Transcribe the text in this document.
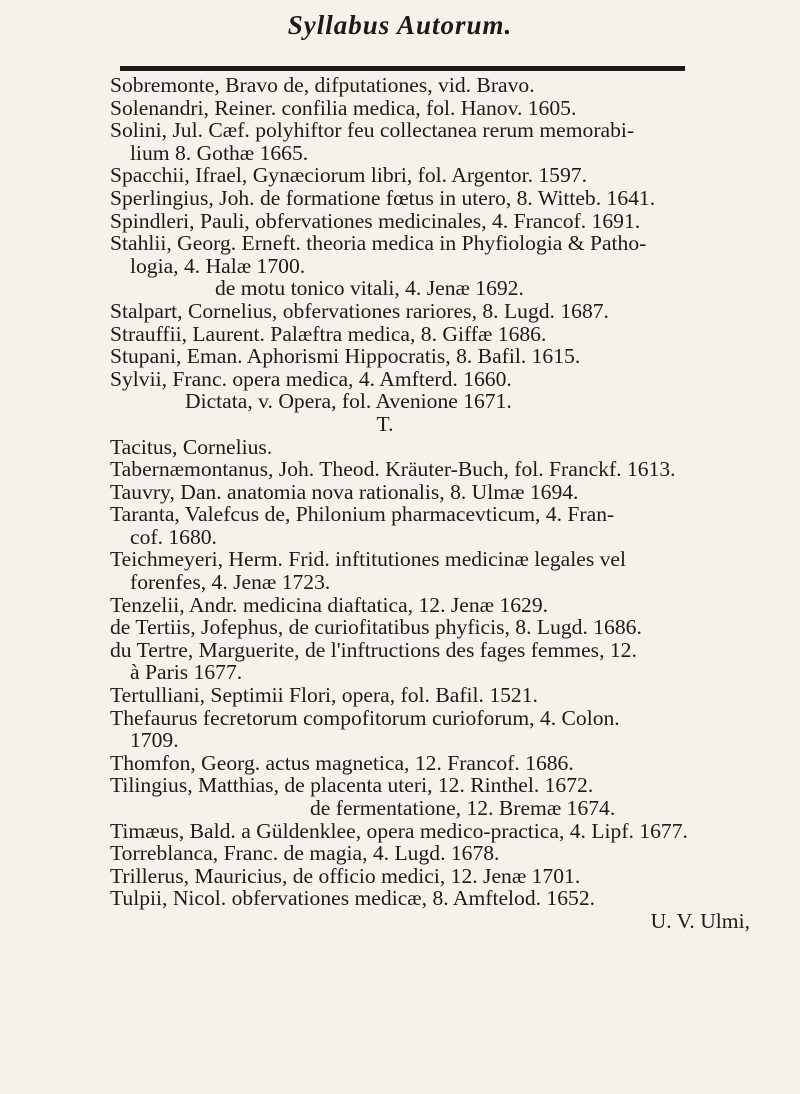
Syllabus Autorum.
Sobremonte, Bravo de, difputationes, vid. Bravo.
Solenandri, Reiner. confilia medica, fol. Hanov. 1605.
Solini, Jul. Cæf. polyhiftor feu collectanea rerum memorabi-
lium 8. Gothæ 1665.
Spacchii, Ifrael, Gynæciorum libri, fol. Argentor. 1597.
Sperlingius, Joh. de formatione fœtus in utero, 8. Witteb. 1641.
Spindleri, Pauli, obfervationes medicinales, 4. Francof. 1691.
Stahlii, Georg. Erneft. theoria medica in Phyfiologia & Patho-
logia, 4. Halæ 1700.
de motu tonico vitali, 4. Jenæ 1692.
Stalpart, Cornelius, obfervationes rariores, 8. Lugd. 1687.
Strauffii, Laurent. Palæftra medica, 8. Giffæ 1686.
Stupani, Eman. Aphorismi Hippocratis, 8. Bafil. 1615.
Sylvii, Franc. opera medica, 4. Amfterd. 1660.
Dictata, v. Opera, fol. Avenione 1671.
T.
Tacitus, Cornelius.
Tabernæmontanus, Joh. Theod. Kräuter-Buch, fol. Franckf. 1613.
Tauvry, Dan. anatomia nova rationalis, 8. Ulmæ 1694.
Taranta, Valefcus de, Philonium pharmacevticum, 4. Fran-
cof. 1680.
Teichmeyeri, Herm. Frid. inftitutiones medicinæ legales vel
forenfes, 4. Jenæ 1723.
Tenzelii, Andr. medicina diaftatica, 12. Jenæ 1629.
de Tertiis, Jofephus, de curiofitatibus phyficis, 8. Lugd. 1686.
du Tertre, Marguerite, de l'inftructions des fages femmes, 12.
à Paris 1677.
Tertulliani, Septimii Flori, opera, fol. Bafil. 1521.
Thefaurus fecretorum compofitorum curioforum, 4. Colon.
1709.
Thomfon, Georg. actus magnetica, 12. Francof. 1686.
Tilingius, Matthias, de placenta uteri, 12. Rinthel. 1672.
de fermentatione, 12. Bremæ 1674.
Timæus, Bald. a Güldenklee, opera medico-practica, 4. Lipf. 1677.
Torreblanca, Franc. de magia, 4. Lugd. 1678.
Trillerus, Mauricius, de officio medici, 12. Jenæ 1701.
Tulpii, Nicol. obfervationes medicæ, 8. Amftelod. 1652.
U. V. Ulmi,
